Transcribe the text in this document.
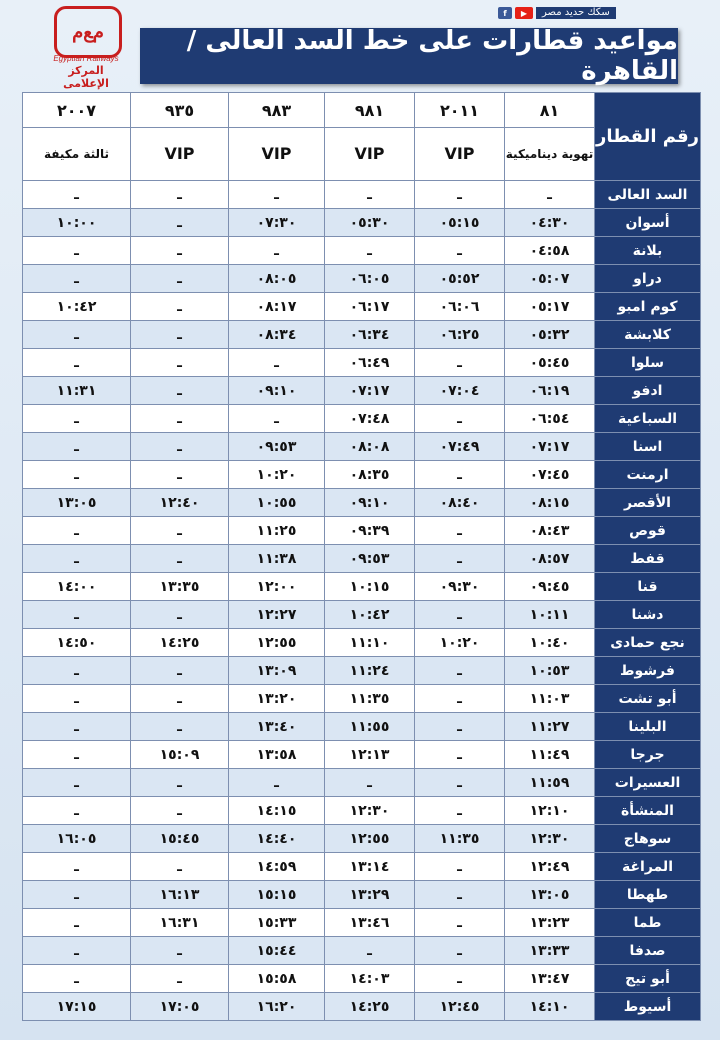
f	▶	سكك حديد مصر
ﻡﻊﻡ
Egyptian Railways
المركز الإعلامى
مواعيد قطارات على خط السد العالى / القاهرة
رقم القطار	٨١	٢٠١١	٩٨١	٩٨٣	٩٣٥	٢٠٠٧
	تهوية ديناميكية	VIP	VIP	VIP	VIP	ثالثة مكيفة
السد العالى	ـ	ـ	ـ	ـ	ـ	ـ
أسوان	٠٤:٣٠	٠٥:١٥	٠٥:٣٠	٠٧:٣٠	ـ	١٠:٠٠
بلانة	٠٤:٥٨	ـ	ـ	ـ	ـ	ـ
دراو	٠٥:٠٧	٠٥:٥٢	٠٦:٠٥	٠٨:٠٥	ـ	ـ
كوم امبو	٠٥:١٧	٠٦:٠٦	٠٦:١٧	٠٨:١٧	ـ	١٠:٤٢
كلابشة	٠٥:٣٢	٠٦:٢٥	٠٦:٣٤	٠٨:٣٤	ـ	ـ
سلوا	٠٥:٤٥	ـ	٠٦:٤٩	ـ	ـ	ـ
ادفو	٠٦:١٩	٠٧:٠٤	٠٧:١٧	٠٩:١٠	ـ	١١:٣١
السباعية	٠٦:٥٤	ـ	٠٧:٤٨	ـ	ـ	ـ
اسنا	٠٧:١٧	٠٧:٤٩	٠٨:٠٨	٠٩:٥٣	ـ	ـ
ارمنت	٠٧:٤٥	ـ	٠٨:٣٥	١٠:٢٠	ـ	ـ
الأقصر	٠٨:١٥	٠٨:٤٠	٠٩:١٠	١٠:٥٥	١٢:٤٠	١٣:٠٥
قوص	٠٨:٤٣	ـ	٠٩:٣٩	١١:٢٥	ـ	ـ
قفط	٠٨:٥٧	ـ	٠٩:٥٣	١١:٣٨	ـ	ـ
قنا	٠٩:٤٥	٠٩:٣٠	١٠:١٥	١٢:٠٠	١٣:٣٥	١٤:٠٠
دشنا	١٠:١١	ـ	١٠:٤٢	١٢:٢٧	ـ	ـ
نجع حمادى	١٠:٤٠	١٠:٢٠	١١:١٠	١٢:٥٥	١٤:٢٥	١٤:٥٠
فرشوط	١٠:٥٣	ـ	١١:٢٤	١٣:٠٩	ـ	ـ
أبو تشت	١١:٠٣	ـ	١١:٣٥	١٣:٢٠	ـ	ـ
البلينا	١١:٢٧	ـ	١١:٥٥	١٣:٤٠	ـ	ـ
جرجا	١١:٤٩	ـ	١٢:١٣	١٣:٥٨	١٥:٠٩	ـ
العسيرات	١١:٥٩	ـ	ـ	ـ	ـ	ـ
المنشأة	١٢:١٠	ـ	١٢:٣٠	١٤:١٥	ـ	ـ
سوهاج	١٢:٣٠	١١:٣٥	١٢:٥٥	١٤:٤٠	١٥:٤٥	١٦:٠٥
المراغة	١٢:٤٩	ـ	١٣:١٤	١٤:٥٩	ـ	ـ
طهطا	١٣:٠٥	ـ	١٣:٢٩	١٥:١٥	١٦:١٣	ـ
طما	١٣:٢٣	ـ	١٣:٤٦	١٥:٣٣	١٦:٣١	ـ
صدفا	١٣:٣٣	ـ	ـ	١٥:٤٤	ـ	ـ
أبو تيج	١٣:٤٧	ـ	١٤:٠٣	١٥:٥٨	ـ	ـ
أسيوط	١٤:١٠	١٢:٤٥	١٤:٢٥	١٦:٢٠	١٧:٠٥	١٧:١٥
